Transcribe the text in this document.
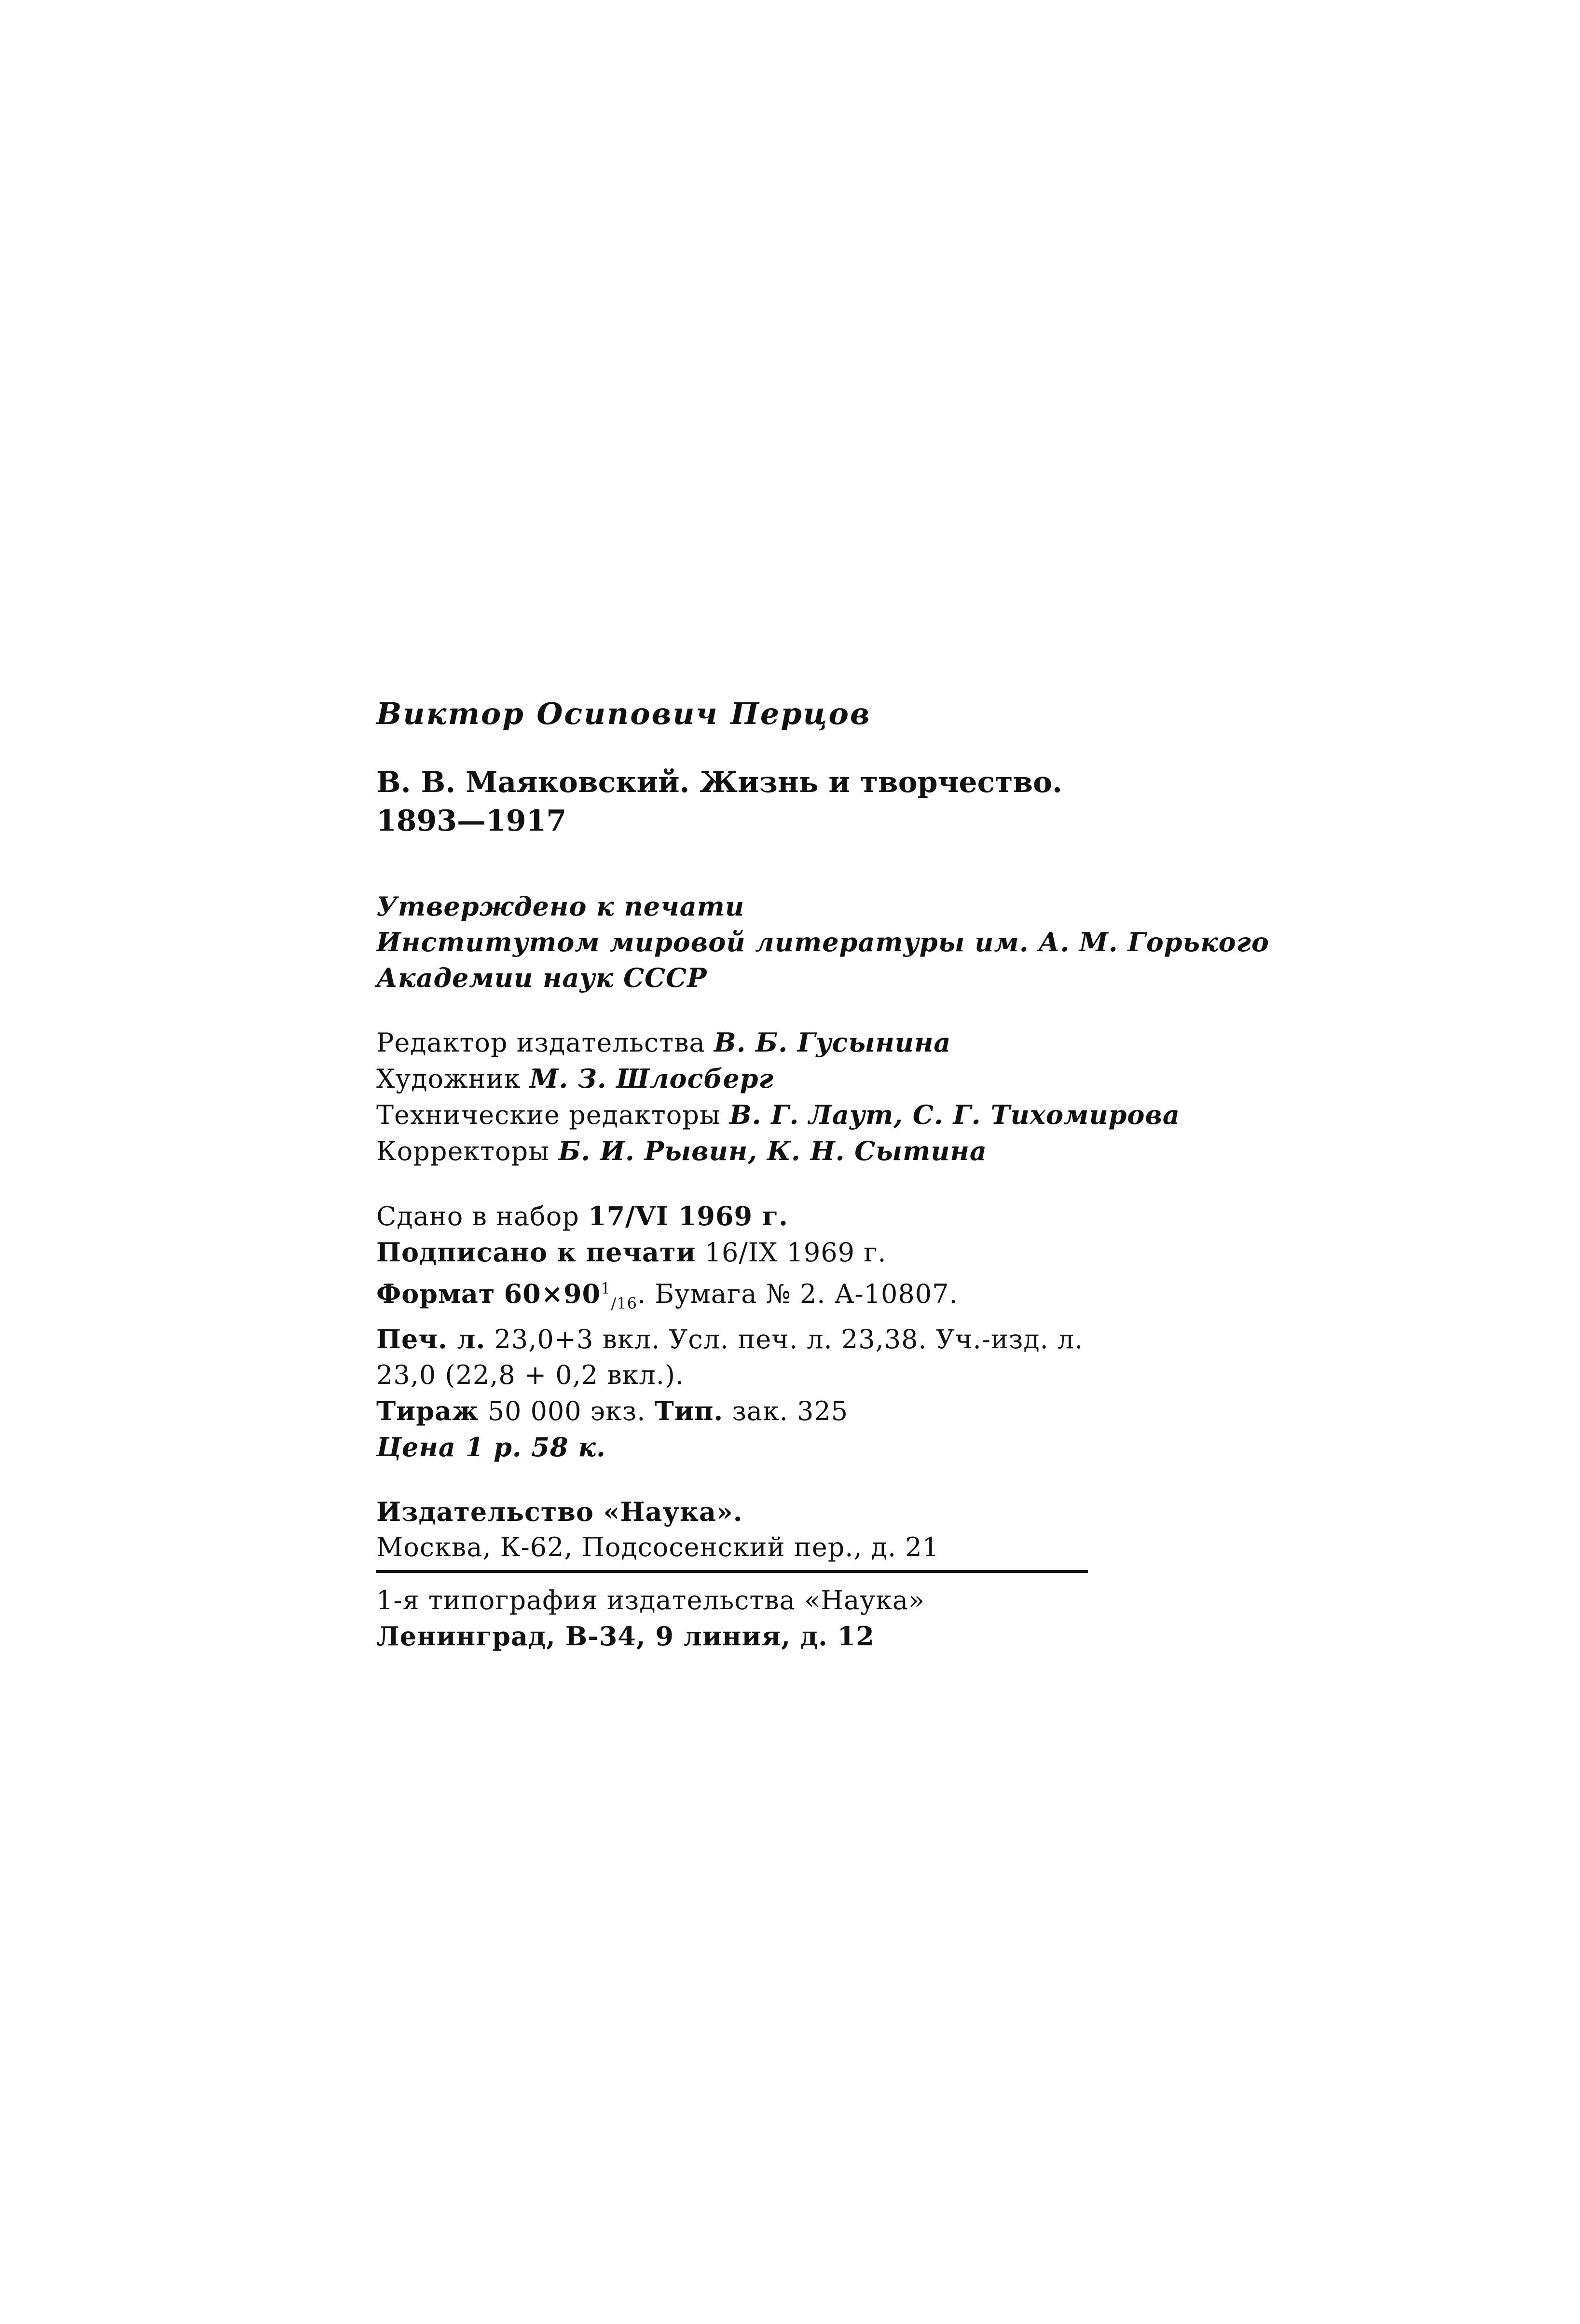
Виктор Осипович Перцов
В. В. Маяковский. Жизнь и творчество.
1893—1917
Утверждено к печати
Институтом мировой литературы им. А. М. Горького
Академии наук СССР
Редактор издательства В. Б. Гусынина
Художник М. З. Шлосберг
Технические редакторы В. Г. Лаут, С. Г. Тихомирова
Корректоры Б. И. Рывин, К. Н. Сытина
Сдано в набор 17/VI 1969 г.
Подписано к печати 16/IX 1969 г.
Формат $60\times 90^1_{/16}$. Бумага № 2. А-10807.
Печ. л. 23,0+3 вкл. Усл. печ. л. 23,38. Уч.-изд. л.
23,0 (22,8 + 0,2 вкл.).
Тираж 50 000 экз. Тип. зак. 325
Цена 1 р. 58 к.
Издательство «Наука».
Москва, К-62, Подсосенский пер., д. 21
1-я типография издательства «Наука»
Ленинград, В-34, 9 линия, д. 12
